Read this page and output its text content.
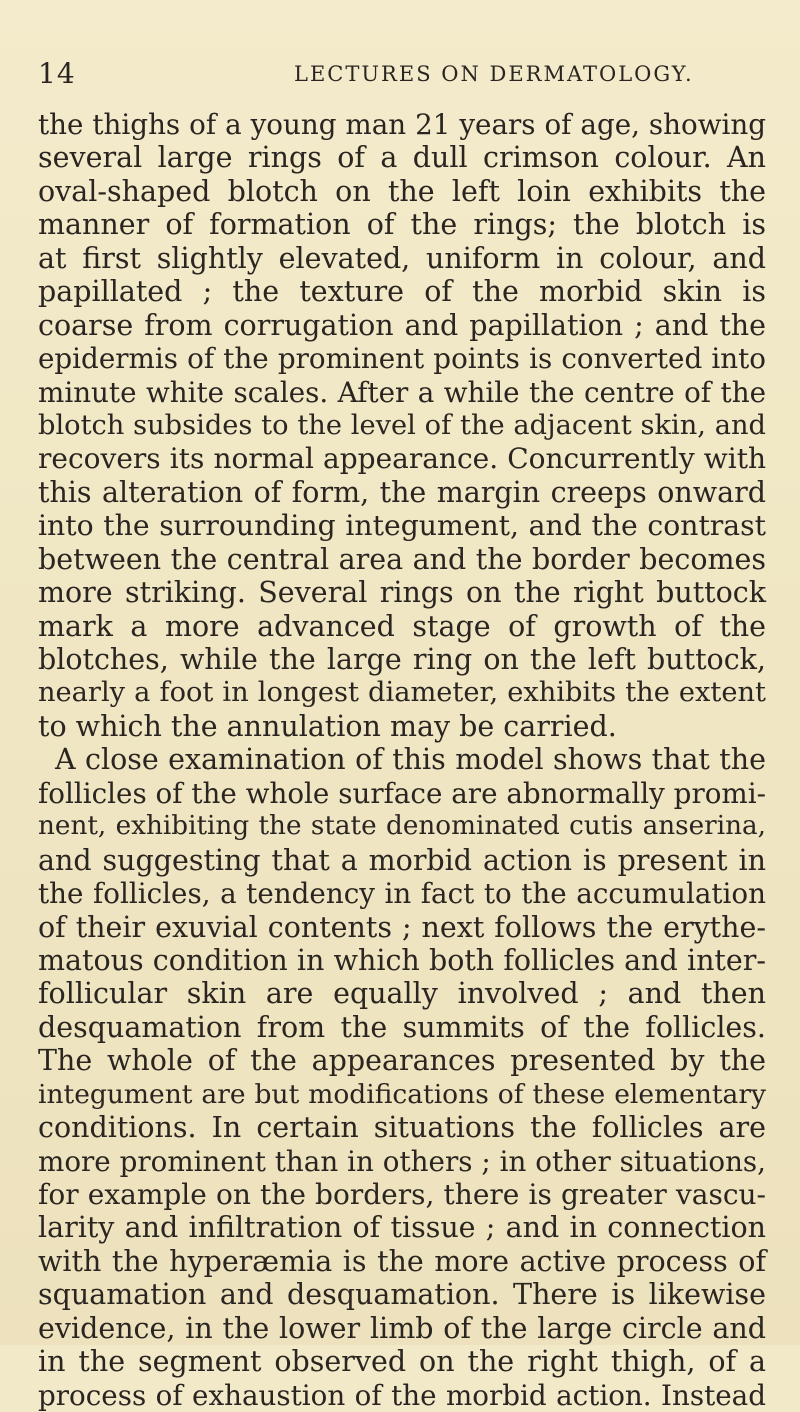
14	LECTURES ON DERMATOLOGY.
the thighs of a young man 21 years of age, showing
several large rings of a dull crimson colour. An
oval-shaped blotch on the left loin exhibits the
manner of formation of the rings; the blotch is
at first slightly elevated, uniform in colour, and
papillated ; the texture of the morbid skin is
coarse from corrugation and papillation ; and the
epidermis of the prominent points is converted into
minute white scales. After a while the centre of the
blotch subsides to the level of the adjacent skin, and
recovers its normal appearance. Concurrently with
this alteration of form, the margin creeps onward
into the surrounding integument, and the contrast
between the central area and the border becomes
more striking. Several rings on the right buttock
mark a more advanced stage of growth of the
blotches, while the large ring on the left buttock,
nearly a foot in longest diameter, exhibits the extent
to which the annulation may be carried.
A close examination of this model shows that the
follicles of the whole surface are abnormally promi-
nent, exhibiting the state denominated cutis anserina,
and suggesting that a morbid action is present in
the follicles, a tendency in fact to the accumulation
of their exuvial contents ; next follows the erythe-
matous condition in which both follicles and inter-
follicular skin are equally involved ; and then
desquamation from the summits of the follicles.
The whole of the appearances presented by the
integument are but modifications of these elementary
conditions. In certain situations the follicles are
more prominent than in others ; in other situations,
for example on the borders, there is greater vascu-
larity and infiltration of tissue ; and in connection
with the hyperæmia is the more active process of
squamation and desquamation. There is likewise
evidence, in the lower limb of the large circle and
in the segment observed on the right thigh, of a
process of exhaustion of the morbid action. Instead
